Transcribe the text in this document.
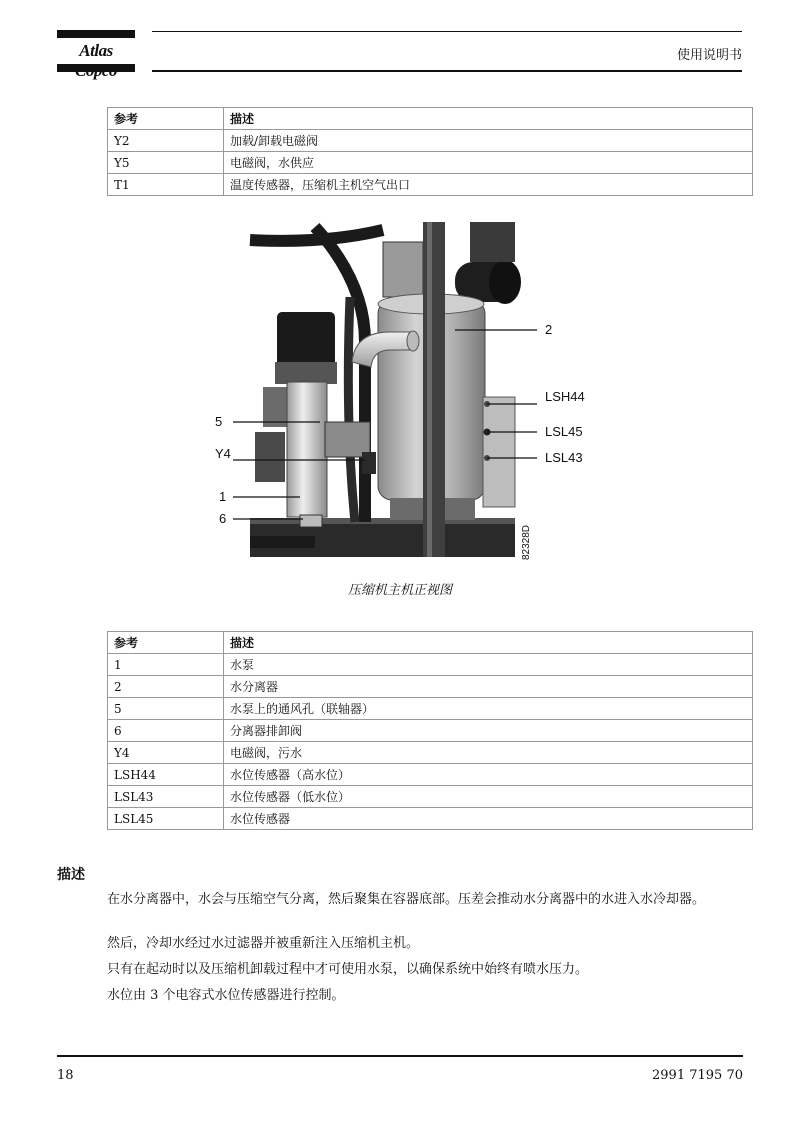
Atlas	使用说明书
参考	描述
Y2	加载/卸载电磁阀
Y5	电磁阀，水供应
T1	温度传感器，压缩机主机空气出口
2
LSH44
LSL45
LSL43
5
Y4
1
6
82328D
压缩机主机正视图
参考	描述
1	水泵
2	水分离器
5	水泵上的通风孔（联轴器）
6	分离器排卸阀
Y4	电磁阀，污水
LSH44	水位传感器（高水位）
LSL43	水位传感器（低水位）
LSL45	水位传感器
描述

在水分离器中，水会与压缩空气分离，然后聚集在容器底部。压差会推动水分离器中的水进入水冷却器。

然后，冷却水经过水过滤器并被重新注入压缩机主机。

只有在起动时以及压缩机卸载过程中才可使用水泵，以确保系统中始终有喷水压力。

水位由 3 个电容式水位传感器进行控制。

18	2991 7195 70
